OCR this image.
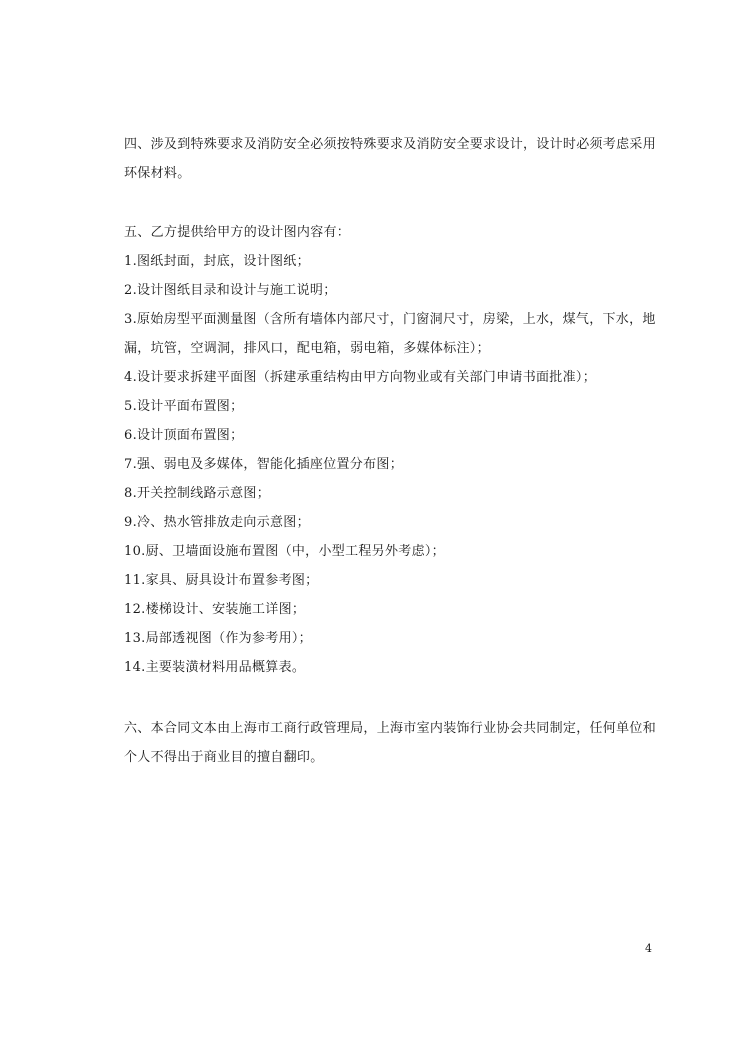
四、涉及到特殊要求及消防安全必须按特殊要求及消防安全要求设计，设计时必须考虑采用
环保材料。
五、乙方提供给甲方的设计图内容有：
1.图纸封面，封底，设计图纸；
2.设计图纸目录和设计与施工说明；
3.原始房型平面测量图（含所有墙体内部尺寸，门窗洞尺寸，房梁，上水，煤气，下水，地
漏，坑管，空调洞，排风口，配电箱，弱电箱，多媒体标注）；
4.设计要求拆建平面图（拆建承重结构由甲方向物业或有关部门申请书面批准）；
5.设计平面布置图；
6.设计顶面布置图；
7.强、弱电及多媒体，智能化插座位置分布图；
8.开关控制线路示意图；
9.冷、热水管排放走向示意图；
10.厨、卫墙面设施布置图（中，小型工程另外考虑）；
11.家具、厨具设计布置参考图；
12.楼梯设计、安装施工详图；
13.局部透视图（作为参考用）；
14.主要装潢材料用品概算表。
六、本合同文本由上海市工商行政管理局，上海市室内装饰行业协会共同制定，任何单位和
个人不得出于商业目的擅自翻印。
4
